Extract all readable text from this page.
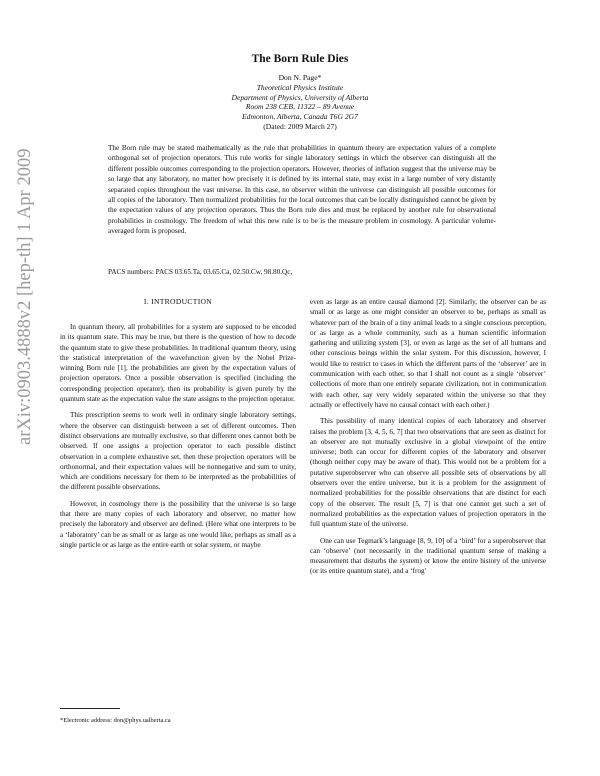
arXiv:0903.4888v2 [hep-th] 1 Apr 2009
The Born Rule Dies
Don N. Page*
Theoretical Physics Institute
Department of Physics, University of Alberta
Room 238 CEB, 11322 – 89 Avenue
Edmonton, Alberta, Canada T6G 2G7
(Dated: 2009 March 27)
The Born rule may be stated mathematically as the rule that probabilities in quantum theory are expectation values of a complete orthogonal set of projection operators. This rule works for single laboratory settings in which the observer can distinguish all the different possible outcomes corresponding to the projection operators. However, theories of inflation suggest that the universe may be so large that any laboratory, no matter how precisely it is defined by its internal state, may exist in a large number of very distantly separated copies throughout the vast universe. In this case, no observer within the universe can distinguish all possible outcomes for all copies of the laboratory. Then normalized probabilities for the local outcomes that can be locally distinguished cannot be given by the expectation values of any projection operators. Thus the Born rule dies and must be replaced by another rule for observational probabilities in cosmology. The freedom of what this new rule is to be is the measure problem in cosmology. A particular volume-averaged form is proposed.
PACS numbers: PACS 03.65.Ta, 03.65.Ca, 02.50.Cw, 98.80.Qc,
I. INTRODUCTION

In quantum theory, all probabilities for a system are supposed to be encoded in its quantum state. This may be true, but there is the question of how to decode the quantum state to give these probabilities. In traditional quantum theory, using the statistical interpretation of the wavefunction given by the Nobel Prize-winning Born rule [1], the probabilities are given by the expectation values of projection operators. Once a possible observation is specified (including the corresponding projection operator), then its probability is given purely by the quantum state as the expectation value the state assigns to the projection operator.

This prescription seems to work well in ordinary single laboratory settings, where the observer can distinguish between a set of different outcomes. Then distinct observations are mutually exclusive, so that different ones cannot both be observed. If one assigns a projection operator to each possible distinct observation in a complete exhaustive set, then these projection operators will be orthonormal, and their expectation values will be nonnegative and sum to unity, which are conditions necessary for them to be interpreted as the probabilities of the different possible observations.

However, in cosmology there is the possibility that the universe is so large that there are many copies of each laboratory and observer, no matter how precisely the laboratory and observer are defined. (Here what one interprets to be a ‘laboratory’ can be as small or as large as one would like, perhaps as small as a single particle or as large as the entire earth or solar system, or maybe

even as large as an entire causal diamond [2]. Similarly, the observer can be as small or as large as one might consider an observer to be, perhaps as small as whatever part of the brain of a tiny animal leads to a single conscious perception, or as large as a whole community, such as a human scientific information gathering and utilizing system [3], or even as large as the set of all humans and other conscious beings within the solar system. For this discussion, however, I would like to restrict to cases in which the different parts of the ‘observer’ are in communication with each other, so that I shall not count as a single ‘observer’ collections of more than one entirely separate civilization, not in communication with each other, say very widely separated within the universe so that they actually or effectively have no causal contact with each other.)

This possibility of many identical copies of each laboratory and observer raises the problem [3, 4, 5, 6, 7] that two observations that are seen as distinct for an observer are not mutually exclusive in a global viewpoint of the entire universe; both can occur for different copies of the laboratory and observer (though neither copy may be aware of that). This would not be a problem for a putative superobserver who can observe all possible sets of observations by all observers over the entire universe, but it is a problem for the assignment of normalized probabilities for the possible observations that are distinct for each copy of the observer. The result [5, 7] is that one cannot get such a set of normalized probabilities as the expectation values of projection operators in the full quantum state of the universe.

One can use Tegmark’s language [8, 9, 10] of a ‘bird’ for a superobserver that can ‘observe’ (not necessarily in the traditional quantum sense of making a measurement that disturbs the system) or know the entire history of the universe (or its entire quantum state), and a ‘frog’

*Electronic address: don@phys.ualberta.ca
